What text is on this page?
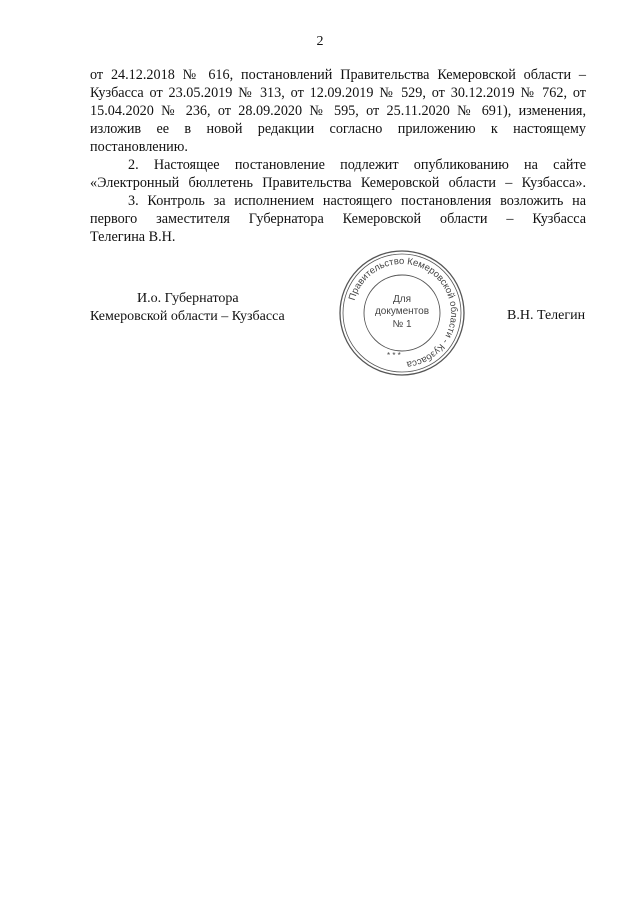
2
от 24.12.2018 № 616, постановлений Правительства Кемеровской области –
Кузбасса от 23.05.2019 № 313, от 12.09.2019 № 529, от 30.12.2019 № 762, от
15.04.2020 № 236, от 28.09.2020 № 595, от 25.11.2020 № 691), изменения,
изложив ее в новой редакции согласно приложению к настоящему
постановлению.
2. Настоящее постановление подлежит опубликованию на сайте
«Электронный бюллетень Правительства Кемеровской области – Кузбасса».
3. Контроль за исполнением настоящего постановления возложить на
первого заместителя Губернатора Кемеровской области – Кузбасса
Телегина В.Н.
И.о. Губернатора
Кемеровской области – Кузбасса
Правительство Кемеровской области - Кузбасса
Для
документов
№ 1
* * *
В.Н. Телегин
